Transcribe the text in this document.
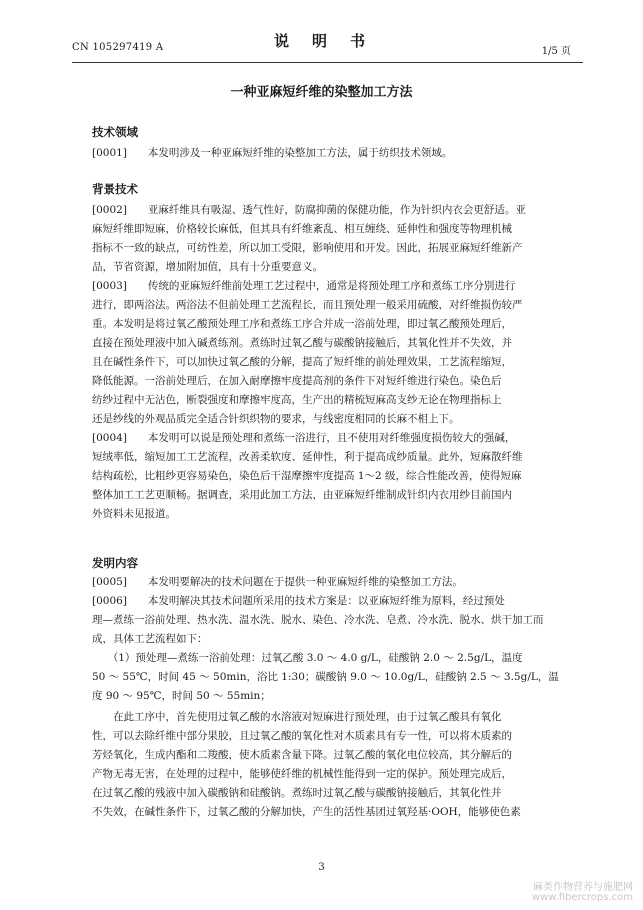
CN 105297419 A	说　明　书
1/5 页
一种亚麻短纤维的染整加工方法
技术领域
[0001]　　本发明涉及一种亚麻短纤维的染整加工方法，属于纺织技术领域。
背景技术
[0002]　　亚麻纤维具有吸湿、透气性好，防腐抑菌的保健功能，作为针织内衣会更舒适。亚
麻短纤维即短麻，价格较长麻低，但其具有纤维紊乱、相互缠绕、延伸性和强度等物理机械
指标不一致的缺点，可纺性差，所以加工受限，影响使用和开发。因此，拓展亚麻短纤维新产
品，节省资源，增加附加值，具有十分重要意义。
[0003]　　传统的亚麻短纤维前处理工艺过程中，通常是将预处理工序和煮练工序分别进行
进行，即两浴法。两浴法不但前处理工艺流程长，而且预处理一般采用硫酸，对纤维损伤较严
重。本发明是将过氧乙酸预处理工序和煮练工序合并成一浴前处理，即过氧乙酸预处理后，
直接在预处理液中加入碱煮练剂。煮练时过氧乙酸与碳酸钠接触后，其氧化性并不失效，并
且在碱性条件下，可以加快过氧乙酸的分解，提高了短纤维的前处理效果，工艺流程缩短，
降低能源。一浴前处理后，在加入耐摩擦牢度提高剂的条件下对短纤维进行染色。染色后
纺纱过程中无沾色，断裂强度和摩擦牢度高，生产出的精梳短麻高支纱无论在物理指标上
还是纱线的外观品质完全适合针织织物的要求，与线密度相同的长麻不相上下。
[0004]　　本发明可以说是预处理和煮练一浴进行，且不使用对纤维强度损伤较大的强碱，
短绒率低，缩短加工工艺流程，改善柔软度、延伸性，利于提高成纱质量。此外，短麻散纤维
结构疏松，比粗纱更容易染色，染色后干湿摩擦牢度提高 1～2 级，综合性能改善，使得短麻
整体加工工艺更顺畅。据调查，采用此加工方法，由亚麻短纤维制成针织内衣用纱目前国内
外资料未见报道。
发明内容
[0005]　　本发明要解决的技术问题在于提供一种亚麻短纤维的染整加工方法。
[0006]　　本发明解决其技术问题所采用的技术方案是：以亚麻短纤维为原料，经过预处
理—煮练一浴前处理、热水洗、温水洗、脱水、染色、冷水洗、皂煮、冷水洗、脱水、烘干加工而
成，具体工艺流程如下：
　　（1）预处理—煮练一浴前处理：过氧乙酸 3.0 ～ 4.0 g/L，硅酸钠 2.0 ～ 2.5g/L，温度
50 ～ 55℃，时间 45 ～ 50min，浴比 1:30；碳酸钠 9.0 ～ 10.0g/L，硅酸钠 2.5 ～ 3.5g/L，温
度 90 ～ 95℃，时间 50 ～ 55min；
　　在此工序中，首先使用过氧乙酸的水溶液对短麻进行预处理，由于过氧乙酸具有氧化
性，可以去除纤维中部分果胶，且过氧乙酸的氧化性对木质素具有专一性，可以将木质素的
芳烃氧化，生成内酯和二羧酸，使木质素含量下降。过氧乙酸的氧化电位较高，其分解后的
产物无毒无害，在处理的过程中，能够使纤维的机械性能得到一定的保护。预处理完成后，
在过氧乙酸的残液中加入碳酸钠和硅酸钠。煮练时过氧乙酸与碳酸钠接触后，其氧化性并
不失效，在碱性条件下，过氧乙酸的分解加快，产生的活性基团过氧羟基·OOH，能够使色素
3
麻类作物营养与施肥网
www.fibercrops.com
